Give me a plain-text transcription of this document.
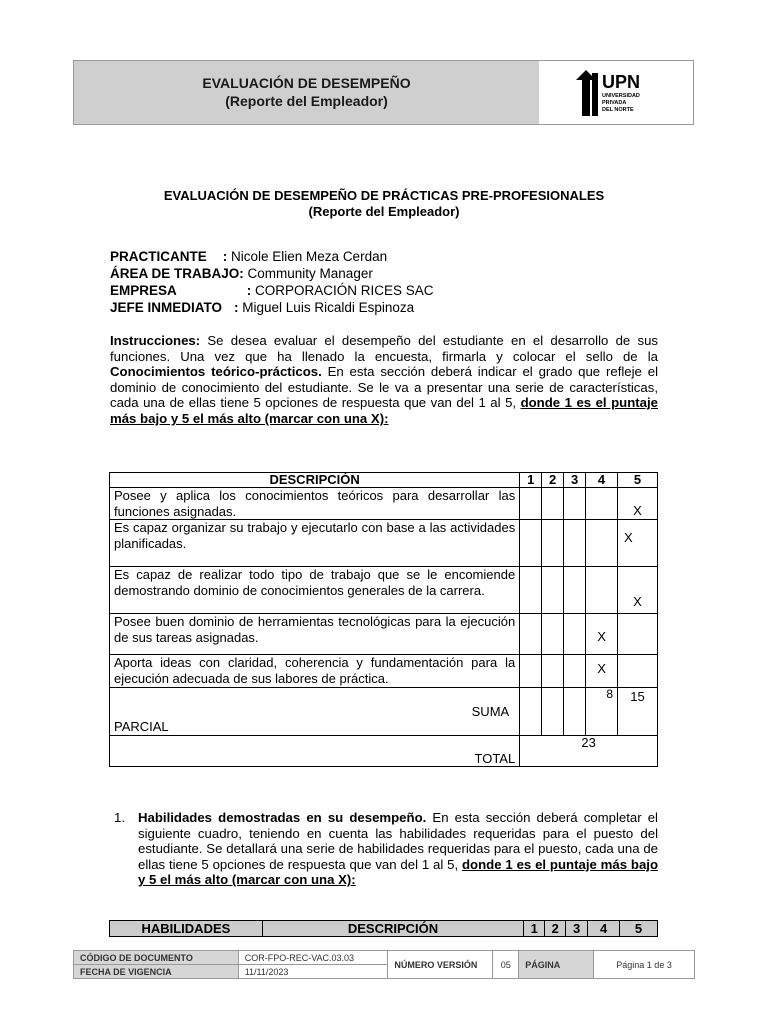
EVALUACIÓN DE DESEMPEÑO
(Reporte del Empleador)
UPN
UNIVERSIDAD
PRIVADA
DEL NORTE
EVALUACIÓN DE DESEMPEÑO DE PRÁCTICAS PRE-PROFESIONALES
(Reporte del Empleador)
PRACTICANTE : Nicole Elien Meza Cerdan
ÁREA DE TRABAJO: Community Manager
EMPRESA	: CORPORACIÓN RICES SAC
JEFE INMEDIATO : Miguel Luis Ricaldi Espinoza
Instrucciones: Se desea evaluar el desempeño del estudiante en el desarrollo de sus funciones. Una vez que ha llenado la encuesta, firmarla y colocar el sello de la Conocimientos teórico-prácticos. En esta sección deberá indicar el grado que refleje el dominio de conocimiento del estudiante. Se le va a presentar una serie de características, cada una de ellas tiene 5 opciones de respuesta que van del 1 al 5, donde 1 es el puntaje más bajo y 5 el más alto (marcar con una X):
DESCRIPCIÓN	1	2	3	4	5
Posee y aplica los conocimientos teóricos para desarrollar las funciones asignadas.					X
Es capaz organizar su trabajo y ejecutarlo con base a las actividades planificadas.					X
Es capaz de realizar todo tipo de trabajo que se le encomiende demostrando dominio de conocimientos generales de la carrera.					X
Posee buen dominio de herramientas tecnológicas para la ejecución de sus tareas asignadas.				X	
Aporta ideas con claridad, coherencia y fundamentación para la ejecución adecuada de sus labores de práctica.				X	

SUMA
PARCIAL				8	15
TOTAL	23				
1. Habilidades demostradas en su desempeño. En esta sección deberá completar el siguiente cuadro, teniendo en cuenta las habilidades requeridas para el puesto del estudiante. Se detallará una serie de habilidades requeridas para el puesto, cada una de ellas tiene 5 opciones de respuesta que van del 1 al 5, donde 1 es el puntaje más bajo y 5 el más alto (marcar con una X):
HABILIDADES	DESCRIPCIÓN	1	2	3	4	5
CÓDIGO DE DOCUMENTO	COR-FPO-REC-VAC.03.03	NÚMERO VERSIÓN	05	PÁGINA	Página 1 de 3
FECHA DE VIGENCIA	11/11/2023				
